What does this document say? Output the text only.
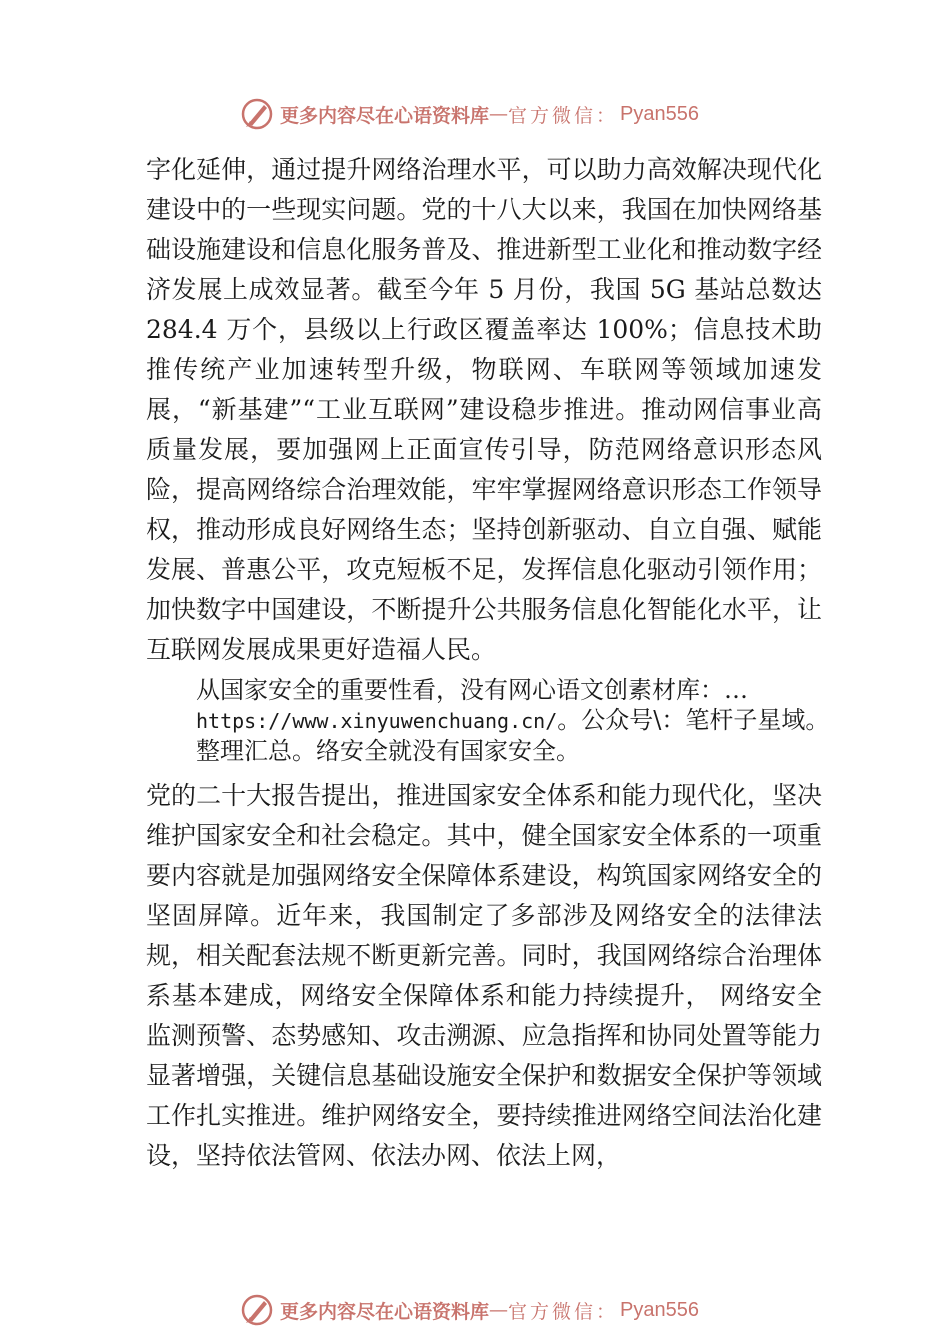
更多内容尽在心语资料库 — 官方微信： Pyan556

字化延伸，通过提升网络治理水平，可以助力高效解决现代化建设中的一些现实问题。党的十八大以来，我国在加快网络基础设施建设和信息化服务普及、推进新型工业化和推动数字经济发展上成效显著。截至今年 5 月份，我国 5G 基站总数达 284.4 万个，县级以上行政区覆盖率达 100%；信息技术助推传统产业加速转型升级，物联网、车联网等领域加速发展，“新基建”“工业互联网”建设稳步推进。推动网信事业高质量发展，要加强网上正面宣传引导，防范网络意识形态风险，提高网络综合治理效能，牢牢掌握网络意识形态工作领导权，推动形成良好网络生态；坚持创新驱动、自立自强、赋能发展、普惠公平，攻克短板不足，发挥信息化驱动引领作用；加快数字中国建设，不断提升公共服务信息化智能化水平，让互联网发展成果更好造福人民。

从国家安全的重要性看，没有网心语文创素材库：…
https://www.xinyuwenchuang.cn/。公众号\：笔杆子星域。整理汇总。络安全就没有国家安全。

党的二十大报告提出，推进国家安全体系和能力现代化，坚决维护国家安全和社会稳定。其中，健全国家安全体系的一项重要内容就是加强网络安全保障体系建设，构筑国家网络安全的坚固屏障。近年来，我国制定了多部涉及网络安全的法律法规，相关配套法规不断更新完善。同时，我国网络综合治理体系基本建成，网络安全保障体系和能力持续提升， 网络安全监测预警、态势感知、攻击溯源、应急指挥和协同处置等能力显著增强，关键信息基础设施安全保护和数据安全保护等领域工作扎实推进。维护网络安全，要持续推进网络空间法治化建设，坚持依法管网、依法办网、依法上网，

更多内容尽在心语资料库 — 官方微信： Pyan556
